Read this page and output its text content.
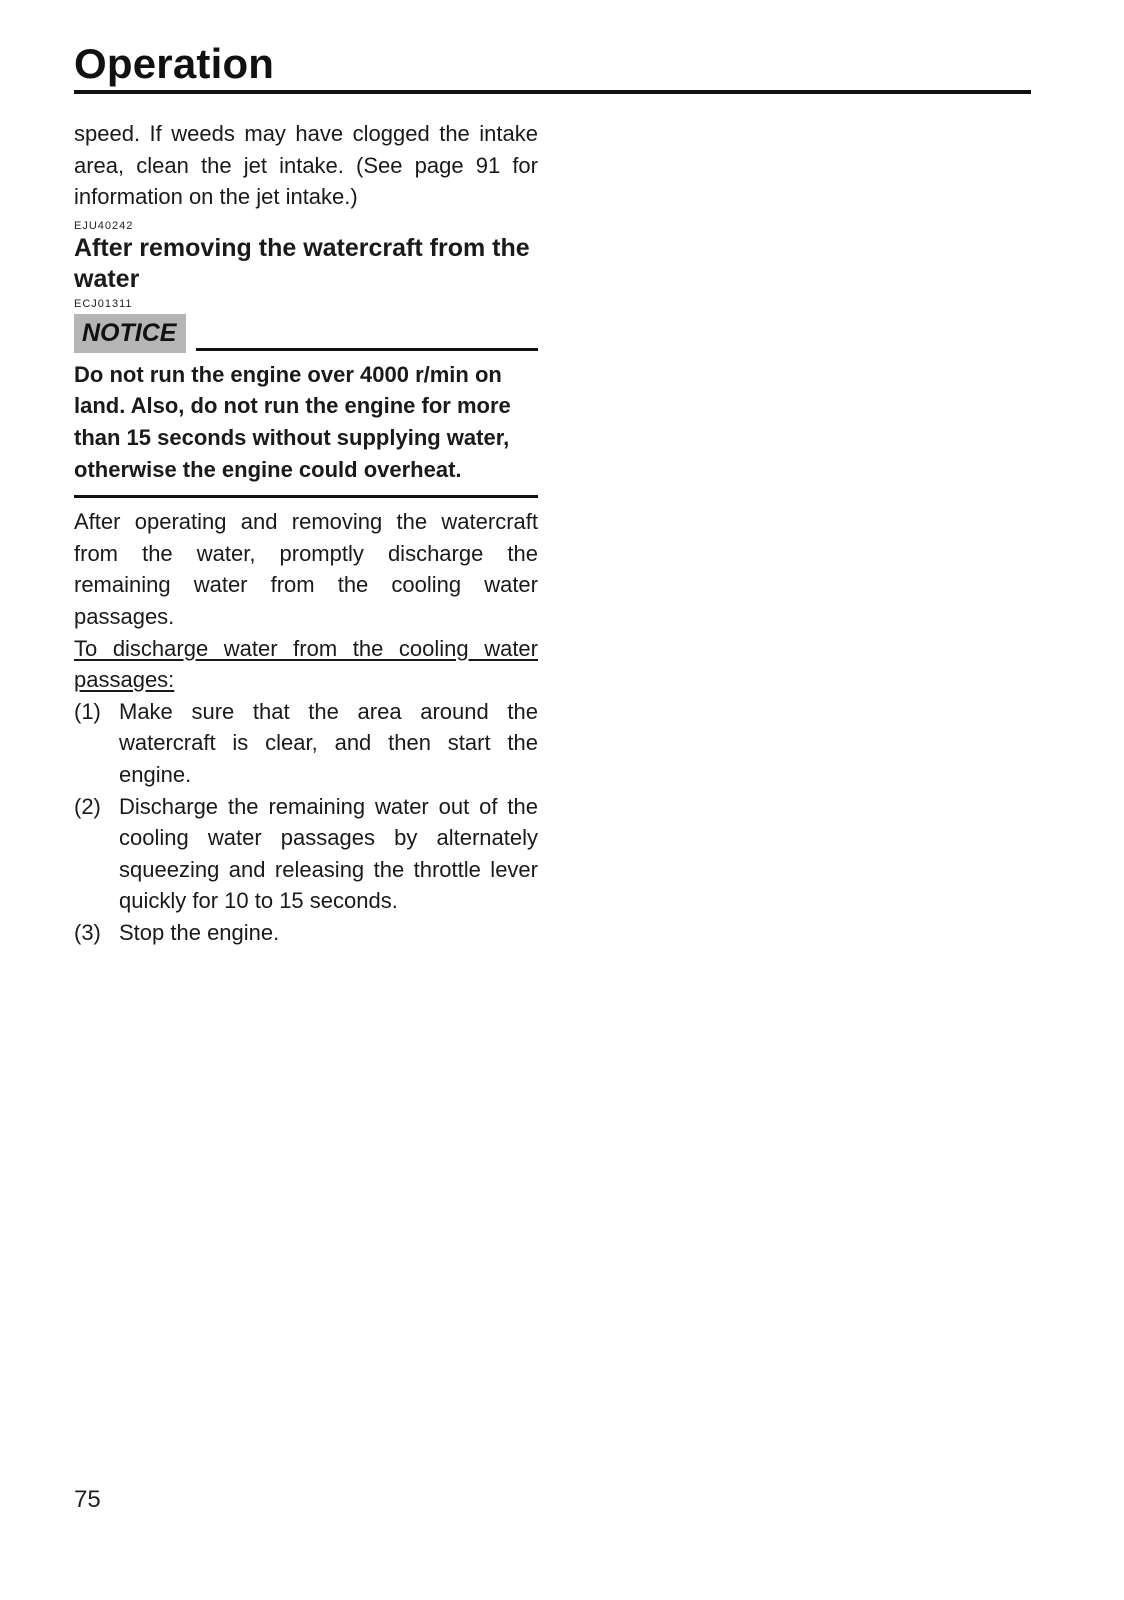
Operation

speed. If weeds may have clogged the intake area, clean the jet intake. (See page 91 for information on the jet intake.)

EJU40242

After removing the watercraft from the water

ECJ01311

NOTICE

Do not run the engine over 4000 r/min on land. Also, do not run the engine for more than 15 seconds without supplying water, otherwise the engine could overheat.

After operating and removing the watercraft from the water, promptly discharge the remaining water from the cooling water passages.

To discharge water from the cooling water passages:

(1) Make sure that the area around the watercraft is clear, and then start the engine.
(2) Discharge the remaining water out of the cooling water passages by alternately squeezing and releasing the throttle lever quickly for 10 to 15 seconds.
(3) Stop the engine.
75
